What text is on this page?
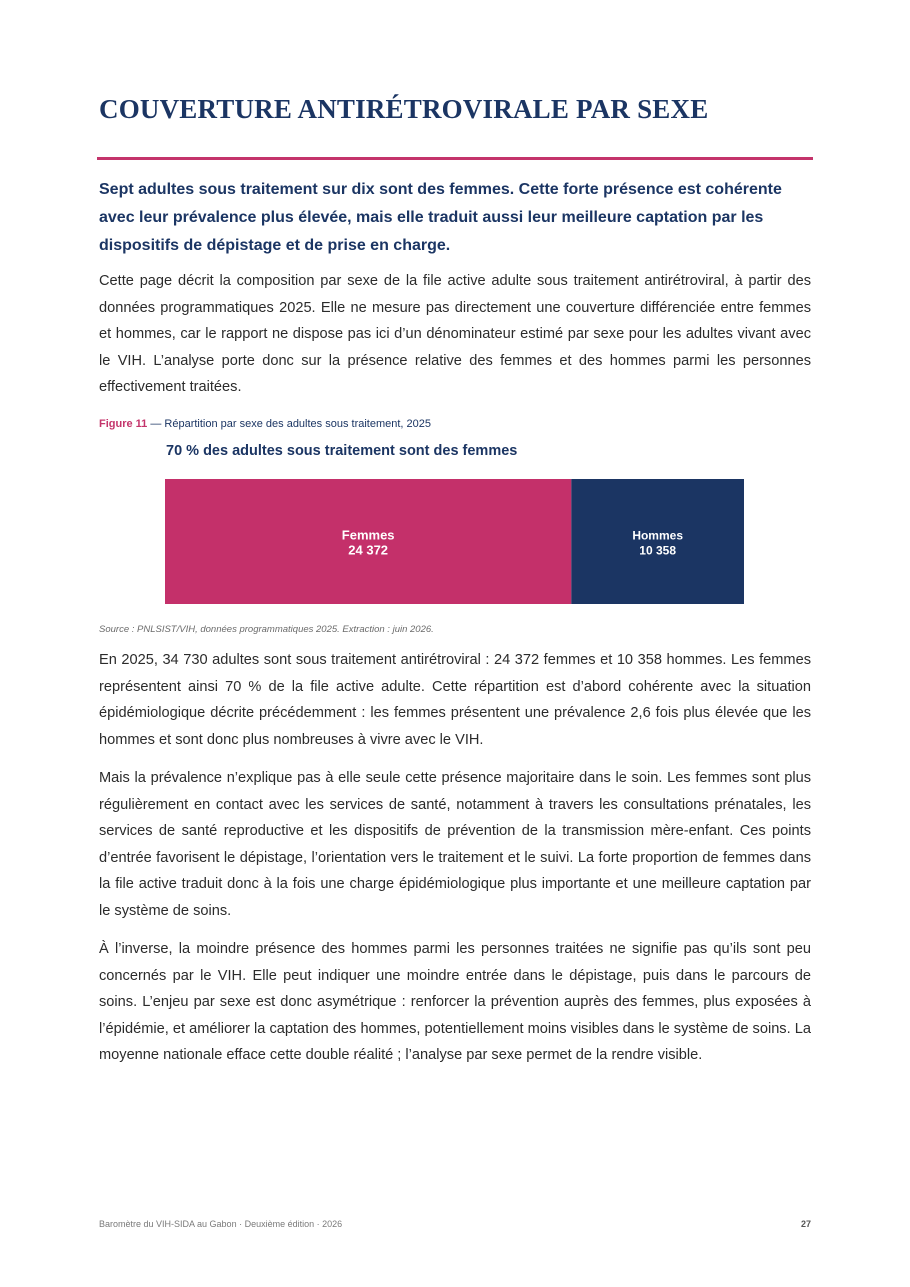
COUVERTURE ANTIRÉTROVIRALE PAR SEXE
Sept adultes sous traitement sur dix sont des femmes. Cette forte présence est cohérente avec leur prévalence plus élevée, mais elle traduit aussi leur meilleure captation par les dispositifs de dépistage et de prise en charge.
Cette page décrit la composition par sexe de la file active adulte sous traitement antirétroviral, à partir des données programmatiques 2025. Elle ne mesure pas directement une couverture différenciée entre femmes et hommes, car le rapport ne dispose pas ici d’un dénominateur estimé par sexe pour les adultes vivant avec le VIH. L’analyse porte donc sur la présence relative des femmes et des hommes parmi les personnes effectivement traitées.
Figure 11 — Répartition par sexe des adultes sous traitement, 2025
70 % des adultes sous traitement sont des femmes
Femmes
24 372
Hommes
10 358
Source : PNLSIST/VIH, données programmatiques 2025. Extraction : juin 2026.
En 2025, 34 730 adultes sont sous traitement antirétroviral : 24 372 femmes et 10 358 hommes. Les femmes représentent ainsi 70 % de la file active adulte. Cette répartition est d’abord cohérente avec la situation épidémiologique décrite précédemment : les femmes présentent une prévalence 2,6 fois plus élevée que les hommes et sont donc plus nombreuses à vivre avec le VIH.
Mais la prévalence n’explique pas à elle seule cette présence majoritaire dans le soin. Les femmes sont plus régulièrement en contact avec les services de santé, notamment à travers les consultations prénatales, les services de santé reproductive et les dispositifs de prévention de la transmission mère-enfant. Ces points d’entrée favorisent le dépistage, l’orientation vers le traitement et le suivi. La forte proportion de femmes dans la file active traduit donc à la fois une charge épidémiologique plus importante et une meilleure captation par le système de soins.
À l’inverse, la moindre présence des hommes parmi les personnes traitées ne signifie pas qu’ils sont peu concernés par le VIH. Elle peut indiquer une moindre entrée dans le dépistage, puis dans le parcours de soins. L’enjeu par sexe est donc asymétrique : renforcer la prévention auprès des femmes, plus exposées à l’épidémie, et améliorer la captation des hommes, potentiellement moins visibles dans le système de soins. La moyenne nationale efface cette double réalité ; l’analyse par sexe permet de la rendre visible.
Baromètre du VIH-SIDA au Gabon · Deuxième édition · 2026	27
